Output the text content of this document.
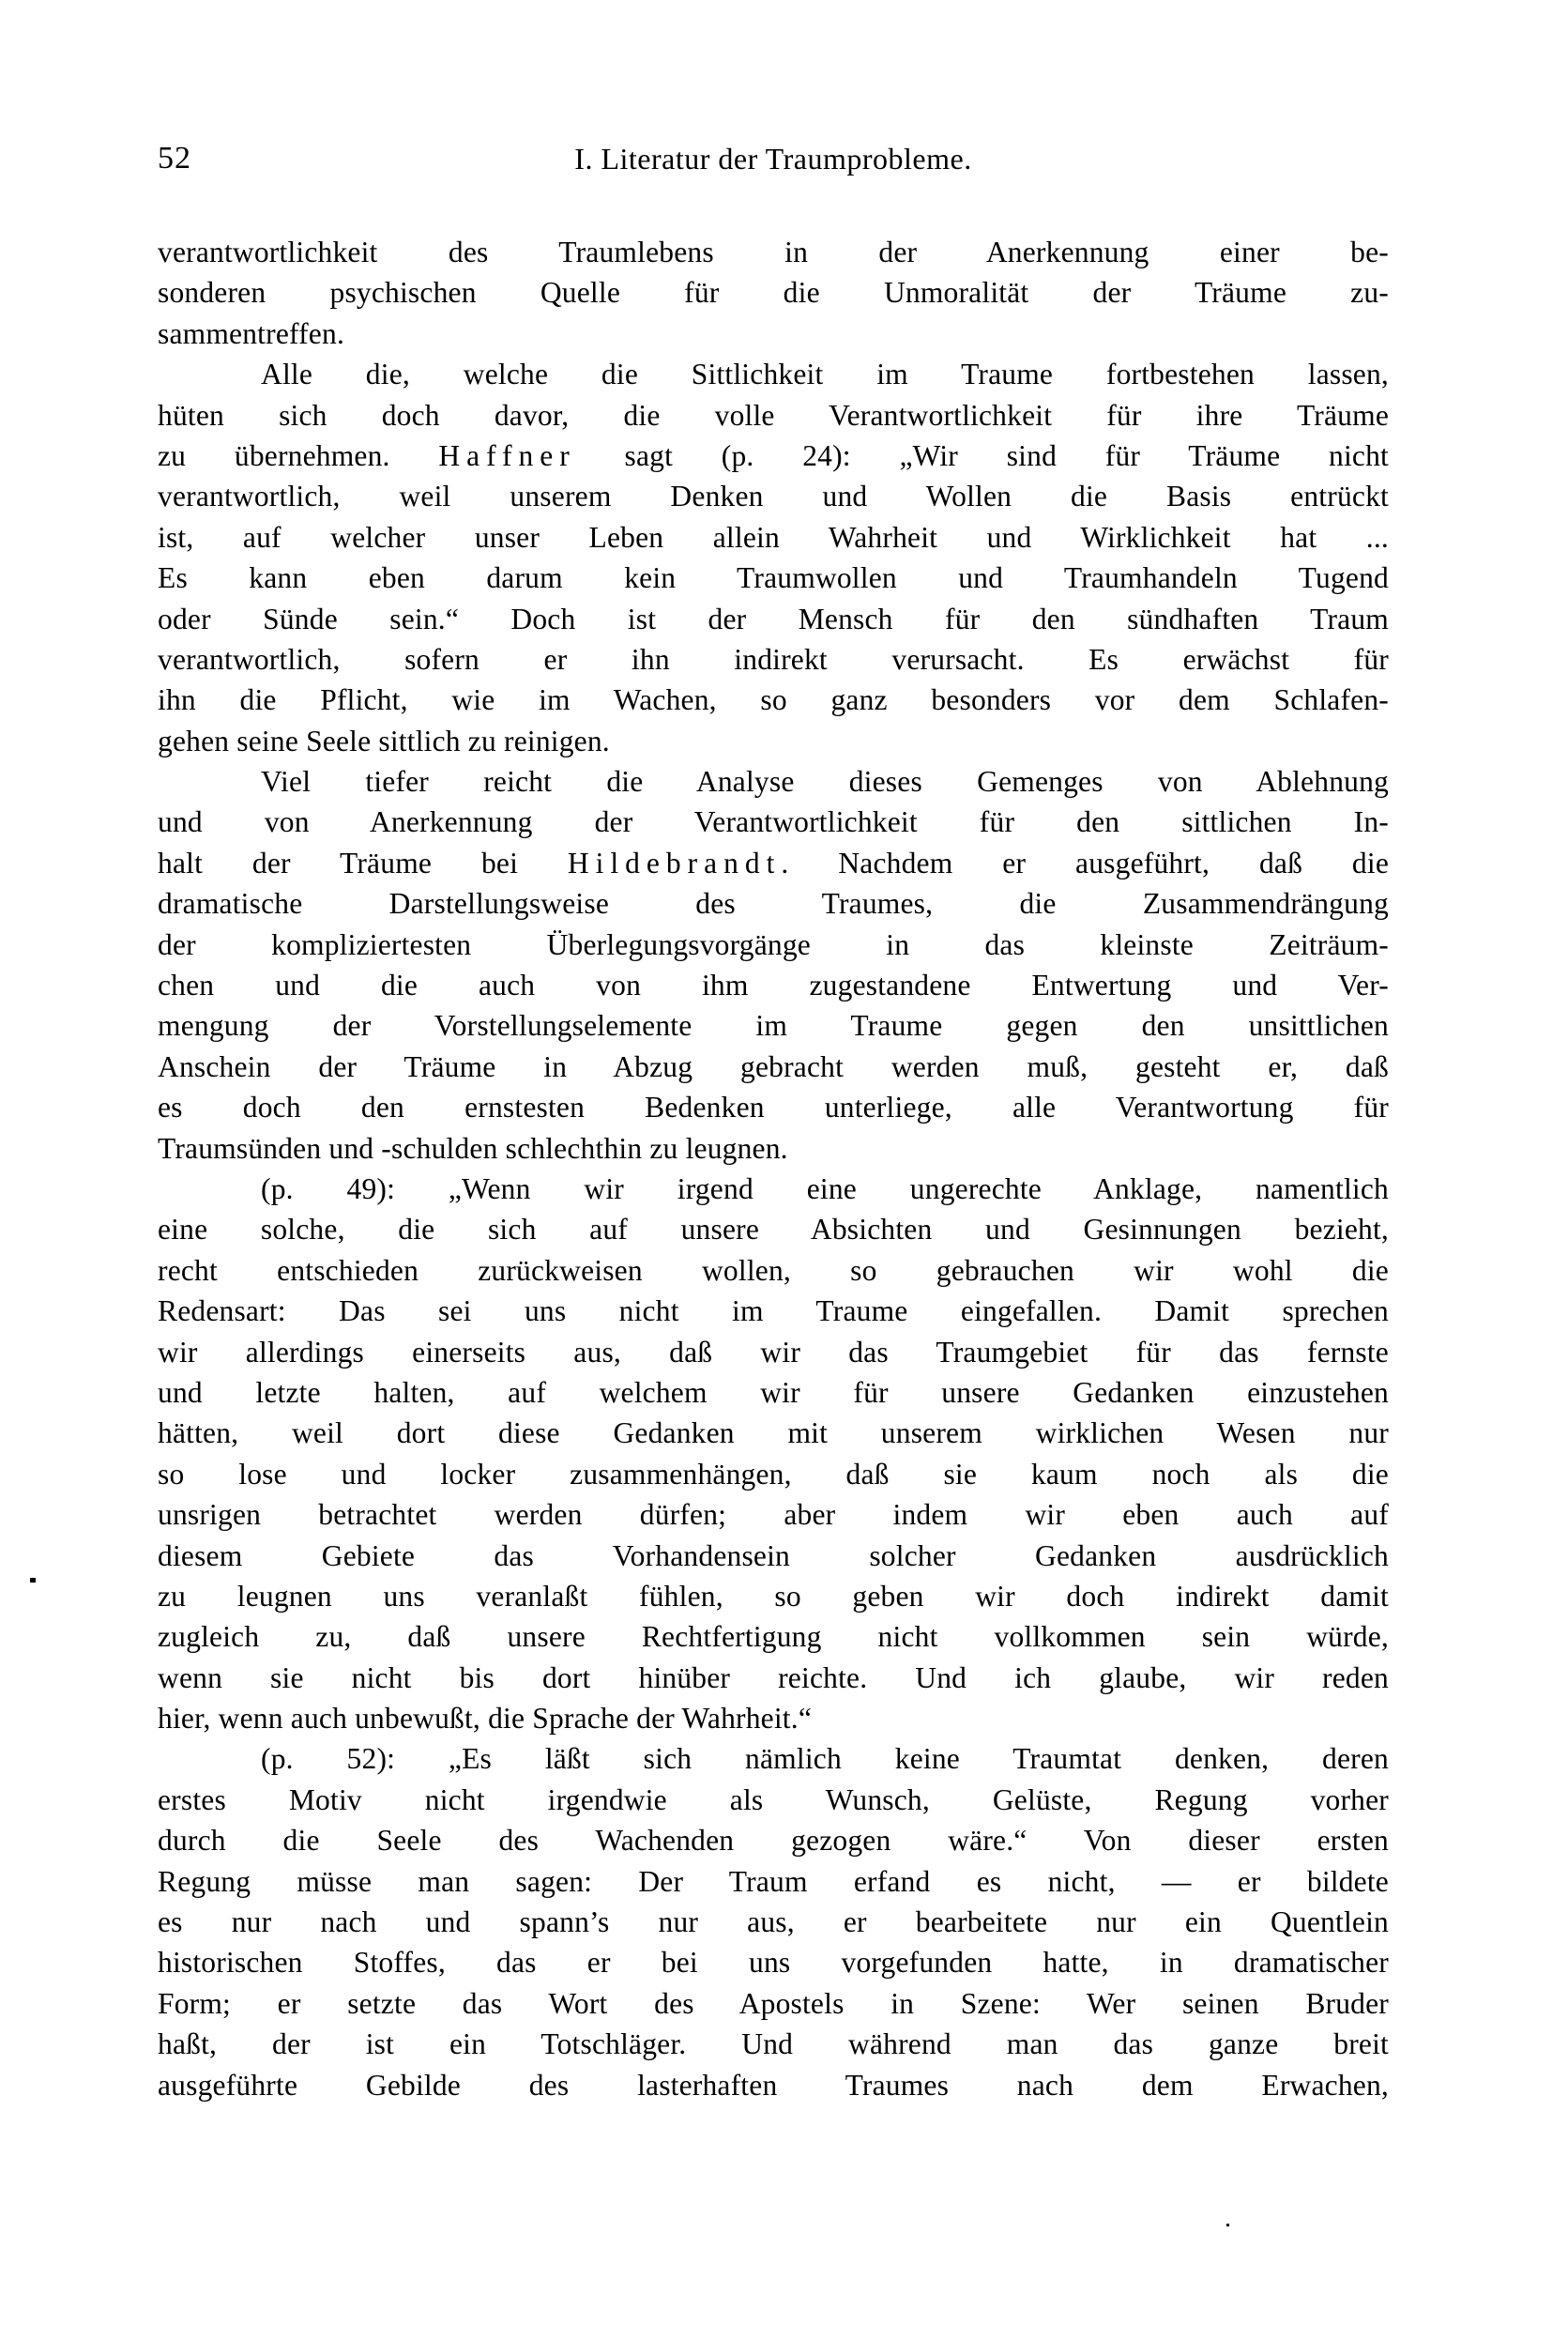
52	I. Literatur der Traumprobleme.
verantwortlichkeit des Traumlebens in der Anerkennung einer be-
sonderen psychischen Quelle für die Unmoralität der Träume zu-
sammentreffen.
Alle die, welche die Sittlichkeit im Traume fortbestehen lassen,
hüten sich doch davor, die volle Verantwortlichkeit für ihre Träume
zu übernehmen. Haffner sagt (p. 24): „Wir sind für Träume nicht
verantwortlich, weil unserem Denken und Wollen die Basis entrückt
ist, auf welcher unser Leben allein Wahrheit und Wirklichkeit hat ...
Es kann eben darum kein Traumwollen und Traumhandeln Tugend
oder Sünde sein.“ Doch ist der Mensch für den sündhaften Traum
verantwortlich, sofern er ihn indirekt verursacht. Es erwächst für
ihn die Pflicht, wie im Wachen, so ganz besonders vor dem Schlafen-
gehen seine Seele sittlich zu reinigen.
Viel tiefer reicht die Analyse dieses Gemenges von Ablehnung
und von Anerkennung der Verantwortlichkeit für den sittlichen In-
halt der Träume bei Hildebrandt. Nachdem er ausgeführt, daß die
dramatische Darstellungsweise des Traumes, die Zusammendrängung
der kompliziertesten Überlegungsvorgänge in das kleinste Zeiträum-
chen und die auch von ihm zugestandene Entwertung und Ver-
mengung der Vorstellungselemente im Traume gegen den unsittlichen
Anschein der Träume in Abzug gebracht werden muß, gesteht er, daß
es doch den ernstesten Bedenken unterliege, alle Verantwortung für
Traumsünden und -schulden schlechthin zu leugnen.
(p. 49): „Wenn wir irgend eine ungerechte Anklage, namentlich
eine solche, die sich auf unsere Absichten und Gesinnungen bezieht,
recht entschieden zurückweisen wollen, so gebrauchen wir wohl die
Redensart: Das sei uns nicht im Traume eingefallen. Damit sprechen
wir allerdings einerseits aus, daß wir das Traumgebiet für das fernste
und letzte halten, auf welchem wir für unsere Gedanken einzustehen
hätten, weil dort diese Gedanken mit unserem wirklichen Wesen nur
so lose und locker zusammenhängen, daß sie kaum noch als die
unsrigen betrachtet werden dürfen; aber indem wir eben auch auf
diesem Gebiete das Vorhandensein solcher Gedanken ausdrücklich
zu leugnen uns veranlaßt fühlen, so geben wir doch indirekt damit
zugleich zu, daß unsere Rechtfertigung nicht vollkommen sein würde,
wenn sie nicht bis dort hinüber reichte. Und ich glaube, wir reden
hier, wenn auch unbewußt, die Sprache der Wahrheit.“
(p. 52): „Es läßt sich nämlich keine Traumtat denken, deren
erstes Motiv nicht irgendwie als Wunsch, Gelüste, Regung vorher
durch die Seele des Wachenden gezogen wäre.“ Von dieser ersten
Regung müsse man sagen: Der Traum erfand es nicht, — er bildete
es nur nach und spann’s nur aus, er bearbeitete nur ein Quentlein
historischen Stoffes, das er bei uns vorgefunden hatte, in dramatischer
Form; er setzte das Wort des Apostels in Szene: Wer seinen Bruder
haßt, der ist ein Totschläger. Und während man das ganze breit
ausgeführte Gebilde des lasterhaften Traumes nach dem Erwachen,
